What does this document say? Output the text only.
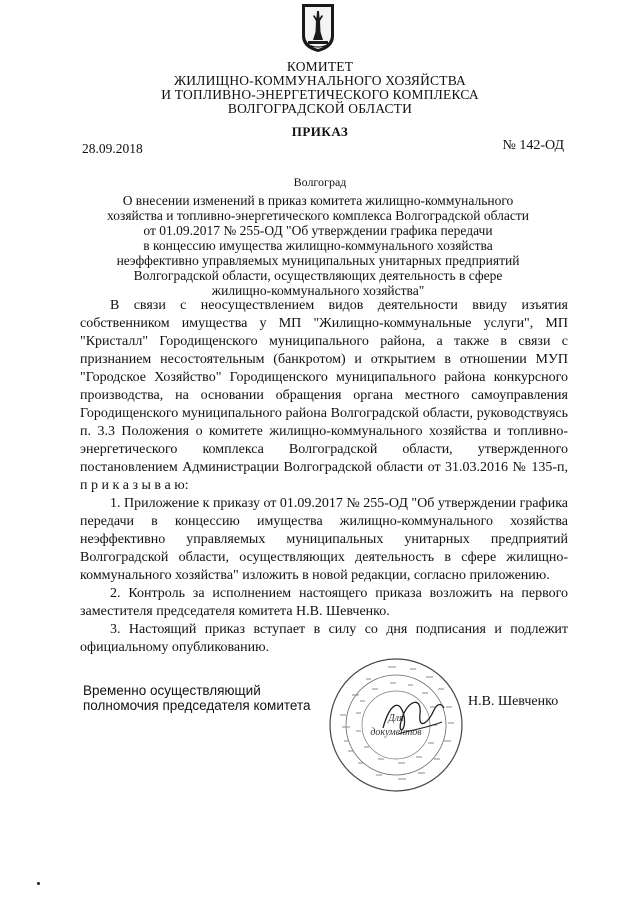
КОМИТЕТ
ЖИЛИЩНО-КОММУНАЛЬНОГО ХОЗЯЙСТВА
И ТОПЛИВНО-ЭНЕРГЕТИЧЕСКОГО КОМПЛЕКСА
ВОЛГОГРАДСКОЙ ОБЛАСТИ
ПРИКАЗ
28.09.2018	№ 142-ОД
Волгоград
О внесении изменений в приказ комитета жилищно-коммунального
хозяйства и топливно-энергетического комплекса Волгоградской области
от 01.09.2017 № 255-ОД "Об утверждении графика передачи
в концессию имущества жилищно-коммунального хозяйства
неэффективно управляемых муниципальных унитарных предприятий
Волгоградской области, осуществляющих деятельность в сфере
жилищно-коммунального хозяйства"

В связи с неосуществлением видов деятельности ввиду изъятия собственником имущества у МП "Жилищно-коммунальные услуги", МП "Кристалл" Городищенского муниципального района, а также в связи с признанием несостоятельным (банкротом) и открытием в отношении МУП "Городское Хозяйство" Городищенского муниципального района конкурсного производства, на основании обращения органа местного самоуправления Городищенского муниципального района Волгоградской области, руководствуясь п. 3.3 Положения о комитете жилищно-коммунального хозяйства и топливно-энергетического комплекса Волгоградской области, утвержденного постановлением Администрации Волгоградской области от 31.03.2016 № 135-п, п р и к а з ы в а ю:

1. Приложение к приказу от 01.09.2017 № 255-ОД "Об утверждении графика передачи в концессию имущества жилищно-коммунального хозяйства неэффективно управляемых муниципальных унитарных предприятий Волгоградской области, осуществляющих деятельность в сфере жилищно-коммунального хозяйства" изложить в новой редакции, согласно приложению.

2. Контроль за исполнением настоящего приказа возложить на первого заместителя председателя комитета Н.В. Шевченко.

3. Настоящий приказ вступает в силу со дня подписания и подлежит официальному опубликованию.

Временно осуществляющий
полномочия председателя комитета
Для
документов
Н.В. Шевченко
